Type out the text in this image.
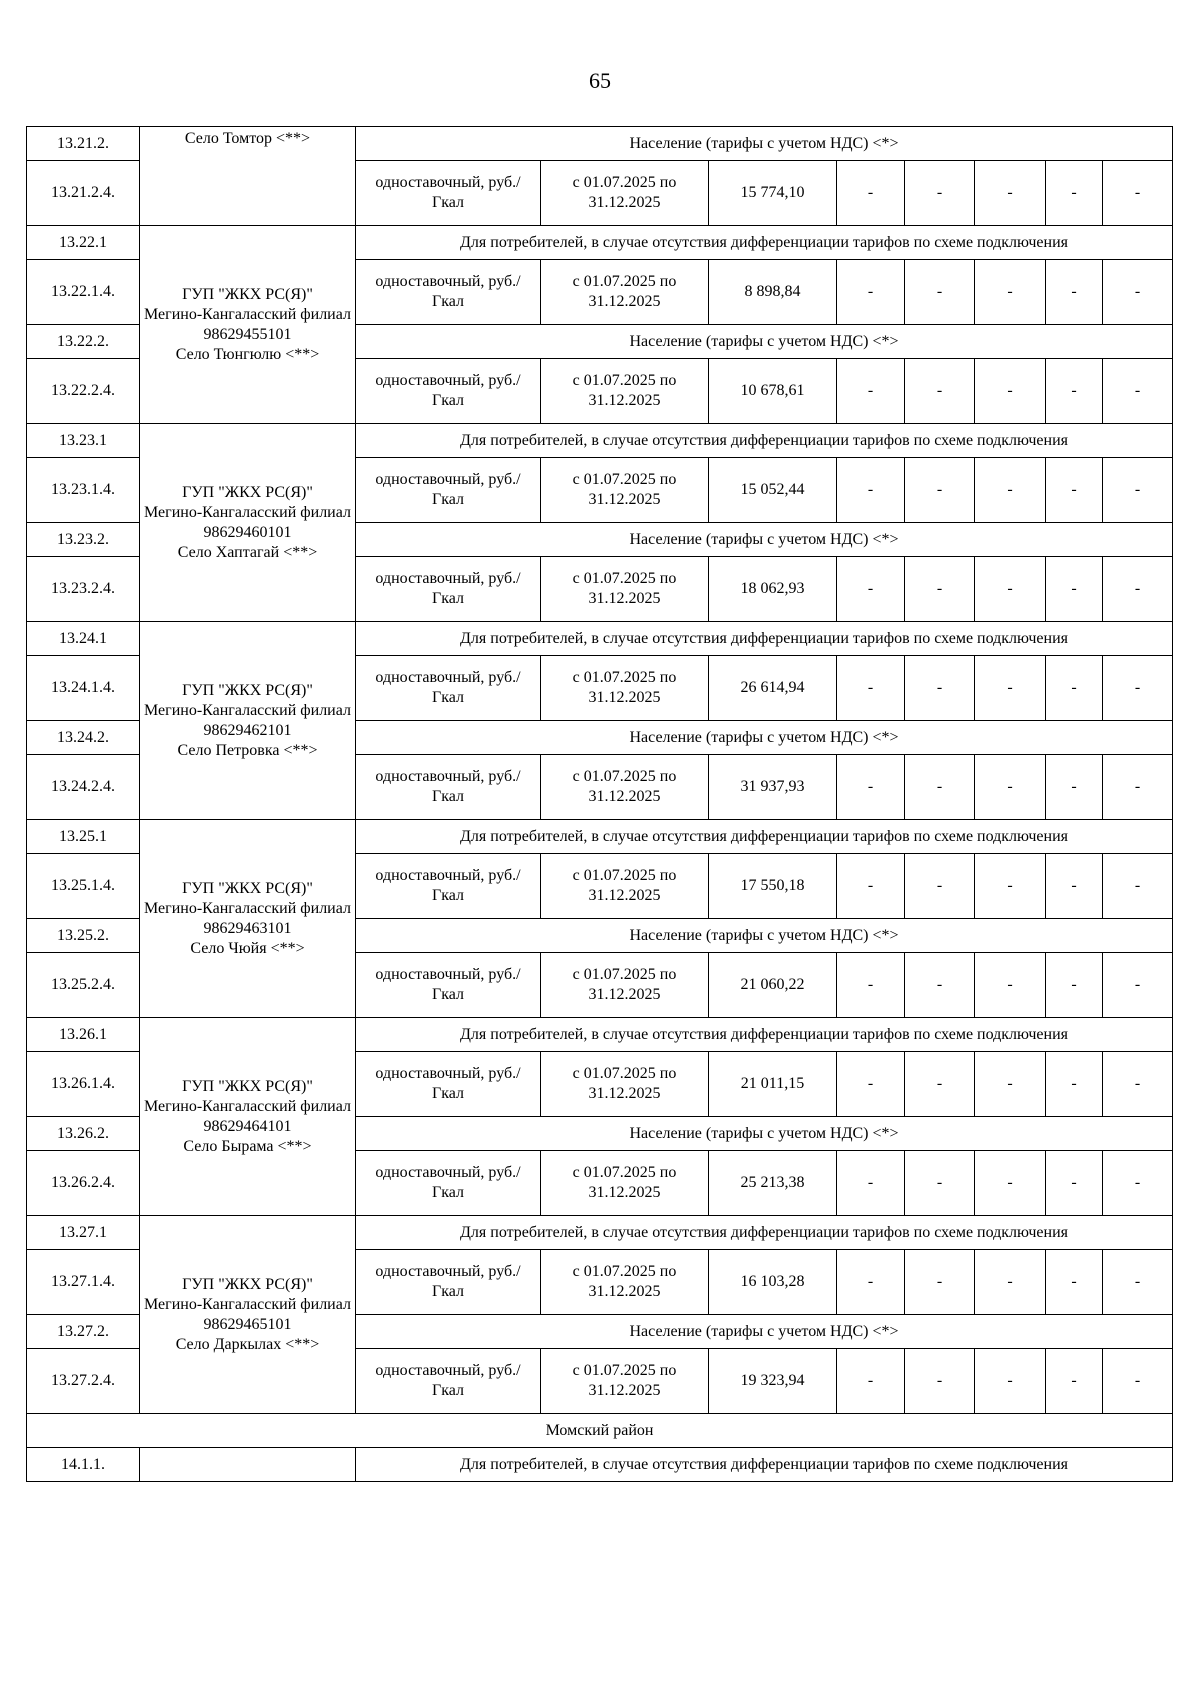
65
13.21.2.	Село Томтор <**>	Население (тарифы с учетом НДС) <*>							
13.21.2.4.		одноставочный, руб./Гкал	с 01.07.2025 по 31.12.2025	15 774,10	-	-	-	-	-
13.22.1	ГУП "ЖКХ РС(Я)"
Мегино-Кангаласский филиал
98629455101
Село Тюнгюлю <**>	Для потребителей, в случае отсутствия дифференциации тарифов по схеме подключения							
13.22.1.4.		одноставочный, руб./Гкал	с 01.07.2025 по 31.12.2025	8 898,84	-	-	-	-	-
13.22.2.		Население (тарифы с учетом НДС) <*>							
13.22.2.4.		одноставочный, руб./Гкал	с 01.07.2025 по 31.12.2025	10 678,61	-	-	-	-	-
13.23.1	ГУП "ЖКХ РС(Я)"
Мегино-Кангаласский филиал
98629460101
Село Хаптагай <**>	Для потребителей, в случае отсутствия дифференциации тарифов по схеме подключения							
13.23.1.4.		одноставочный, руб./Гкал	с 01.07.2025 по 31.12.2025	15 052,44	-	-	-	-	-
13.23.2.		Население (тарифы с учетом НДС) <*>							
13.23.2.4.		одноставочный, руб./Гкал	с 01.07.2025 по 31.12.2025	18 062,93	-	-	-	-	-
13.24.1	ГУП "ЖКХ РС(Я)"
Мегино-Кангаласский филиал
98629462101
Село Петровка <**>	Для потребителей, в случае отсутствия дифференциации тарифов по схеме подключения							
13.24.1.4.		одноставочный, руб./Гкал	с 01.07.2025 по 31.12.2025	26 614,94	-	-	-	-	-
13.24.2.		Население (тарифы с учетом НДС) <*>							
13.24.2.4.		одноставочный, руб./Гкал	с 01.07.2025 по 31.12.2025	31 937,93	-	-	-	-	-
13.25.1	ГУП "ЖКХ РС(Я)"
Мегино-Кангаласский филиал
98629463101
Село Чюйя <**>	Для потребителей, в случае отсутствия дифференциации тарифов по схеме подключения							
13.25.1.4.		одноставочный, руб./Гкал	с 01.07.2025 по 31.12.2025	17 550,18	-	-	-	-	-
13.25.2.		Население (тарифы с учетом НДС) <*>							
13.25.2.4.		одноставочный, руб./Гкал	с 01.07.2025 по 31.12.2025	21 060,22	-	-	-	-	-
13.26.1	ГУП "ЖКХ РС(Я)"
Мегино-Кангаласский филиал
98629464101
Село Бырама <**>	Для потребителей, в случае отсутствия дифференциации тарифов по схеме подключения							
13.26.1.4.		одноставочный, руб./Гкал	с 01.07.2025 по 31.12.2025	21 011,15	-	-	-	-	-
13.26.2.		Население (тарифы с учетом НДС) <*>							
13.26.2.4.		одноставочный, руб./Гкал	с 01.07.2025 по 31.12.2025	25 213,38	-	-	-	-	-
13.27.1	ГУП "ЖКХ РС(Я)"
Мегино-Кангаласский филиал
98629465101
Село Даркылах <**>	Для потребителей, в случае отсутствия дифференциации тарифов по схеме подключения							
13.27.1.4.		одноставочный, руб./Гкал	с 01.07.2025 по 31.12.2025	16 103,28	-	-	-	-	-
13.27.2.		Население (тарифы с учетом НДС) <*>							
13.27.2.4.		одноставочный, руб./Гкал	с 01.07.2025 по 31.12.2025	19 323,94	-	-	-	-	-
Момский район									
14.1.1.		Для потребителей, в случае отсутствия дифференциации тарифов по схеме подключения							
